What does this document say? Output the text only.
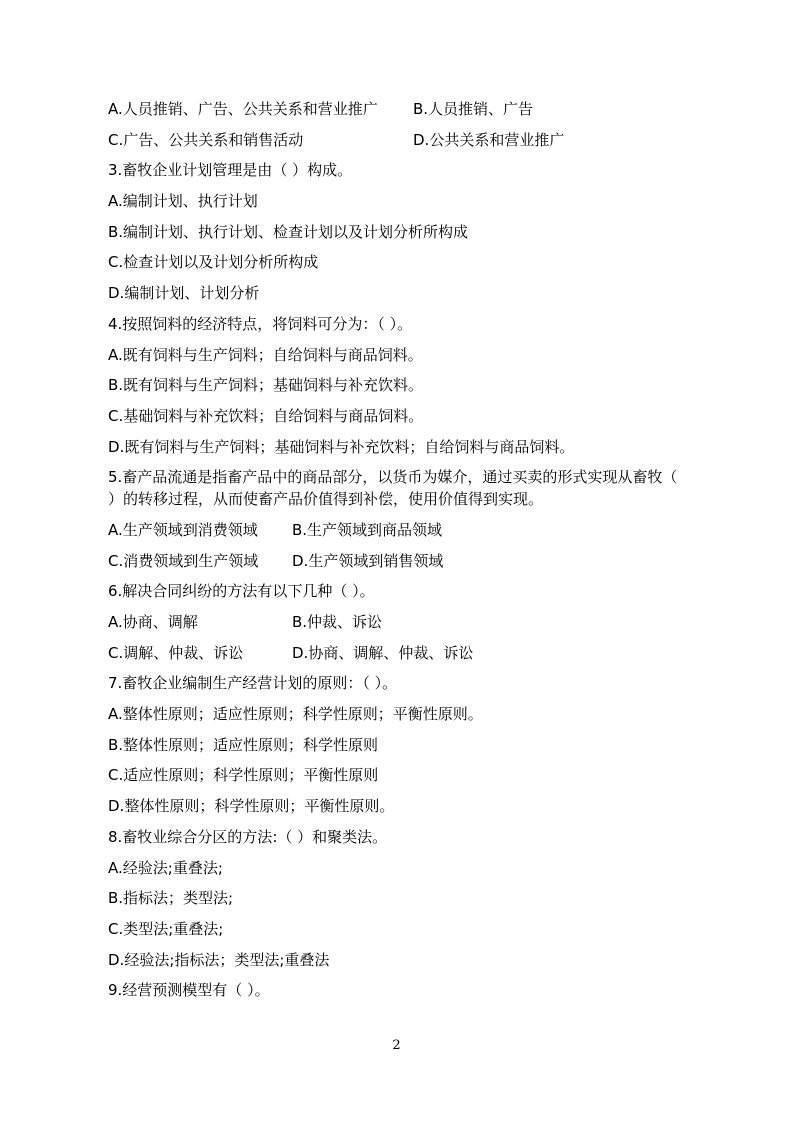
A.人员推销、广告、公共关系和营业推广	B.人员推销、广告
C.广告、公共关系和销售活动	D.公共关系和营业推广
3.畜牧企业计划管理是由（ ）构成。
A.编制计划、执行计划
B.编制计划、执行计划、检查计划以及计划分析所构成
C.检查计划以及计划分析所构成
D.编制计划、计划分析
4.按照饲料的经济特点，将饲料可分为：（ ）。
A.既有饲料与生产饲料；自给饲料与商品饲料。
B.既有饲料与生产饲料；基础饲料与补充饮料。
C.基础饲料与补充饮料；自给饲料与商品饲料。
D.既有饲料与生产饲料；基础饲料与补充饮料；自给饲料与商品饲料。
5.畜产品流通是指畜产品中的商品部分，以货币为媒介，通过买卖的形式实现从畜牧（ ）的转移过程，从而使畜产品价值得到补偿，使用价值得到实现。
A.生产领域到消费领域	B.生产领域到商品领域
C.消费领域到生产领域	D.生产领域到销售领域
6.解决合同纠纷的方法有以下几种（ ）。
A.协商、调解	B.仲裁、诉讼
C.调解、仲裁、诉讼	D.协商、调解、仲裁、诉讼
7.畜牧企业编制生产经营计划的原则：（ ）。
A.整体性原则；适应性原则；科学性原则；平衡性原则。
B.整体性原则；适应性原则；科学性原则
C.适应性原则；科学性原则；平衡性原则
D.整体性原则；科学性原则；平衡性原则。
8.畜牧业综合分区的方法:（ ）和聚类法。
A.经验法;重叠法;
B.指标法；类型法;
C.类型法;重叠法;
D.经验法;指标法；类型法;重叠法
9.经营预测模型有（ ）。
2
